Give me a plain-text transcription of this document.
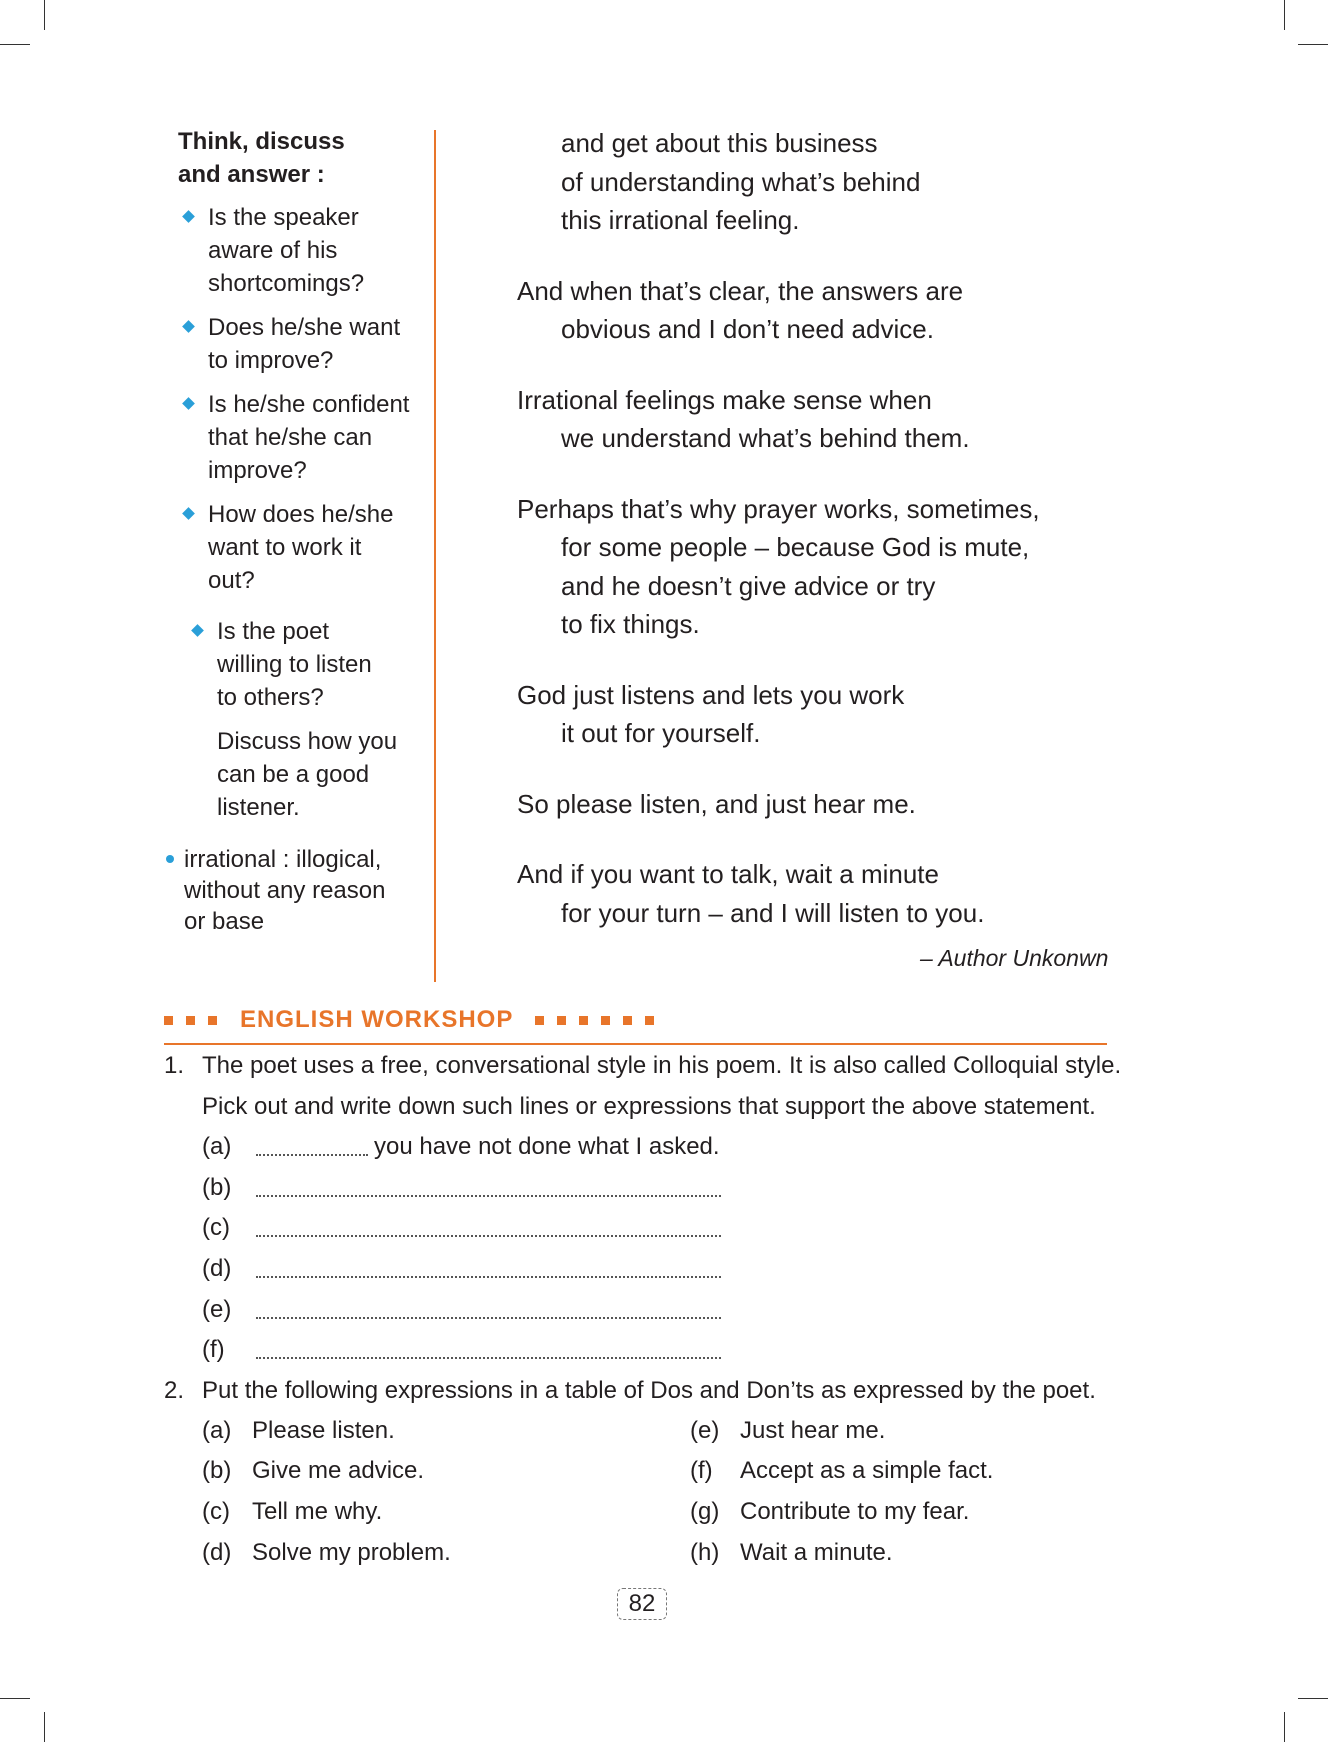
Think, discuss
and answer :
Is the speaker
aware of his
shortcomings?
Does he/she want
to improve?
Is he/she confident
that he/she can
improve?
How does he/she
want to work it
out?
Is the poet
willing to listen
to others?
Discuss how you
can be a good
listener.
irrational : illogical,
without any reason
or base
and get about this business
of understanding what’s behind
this irrational feeling.
And when that’s clear, the answers are
obvious and I don’t need advice.
Irrational feelings make sense when
we understand what’s behind them.
Perhaps that’s why prayer works, sometimes,
for some people – because God is mute,
and he doesn’t give advice or try
to fix things.
God just listens and lets you work
it out for yourself.
So please listen, and just hear me.
And if you want to talk, wait a minute
for your turn – and I will listen to you.
– Author Unkonwn
ENGLISH WORKSHOP
1. The poet uses a free, conversational style in his poem. It is also called Colloquial style.
Pick out and write down such lines or expressions that support the above statement.
(a)	you have not done what I asked.
(b)
(c)
(d)
(e)
(f)
2. Put the following expressions in a table of Dos and Don’ts as expressed by the poet.
(a) Please listen.
(b) Give me advice.
(c) Tell me why.
(d) Solve my problem.
(e) Just hear me.
(f) Accept as a simple fact.
(g) Contribute to my fear.
(h) Wait a minute.
82
